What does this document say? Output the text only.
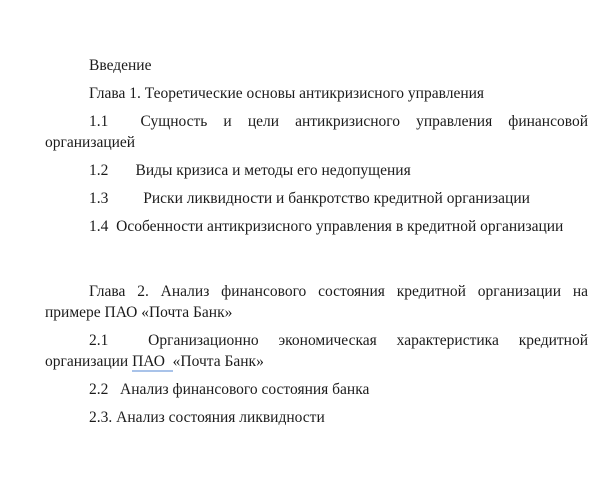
Введение
Глава 1. Теоретические основы антикризисного управления
1.1  Сущность и цели антикризисного управления финансовой
организацией
1.2       Виды кризиса и методы его недопущения
1.3         Риски ликвидности и банкротство кредитной организации
1.4  Особенности антикризисного управления в кредитной организации
Глава 2. Анализ финансового состояния кредитной организации на
примере ПАО «Почта Банк»
2.1  Организационно экономическая характеристика кредитной
организации ПАО  «Почта Банк»
2.2   Анализ финансового состояния банка
2.3. Анализ состояния ликвидности
